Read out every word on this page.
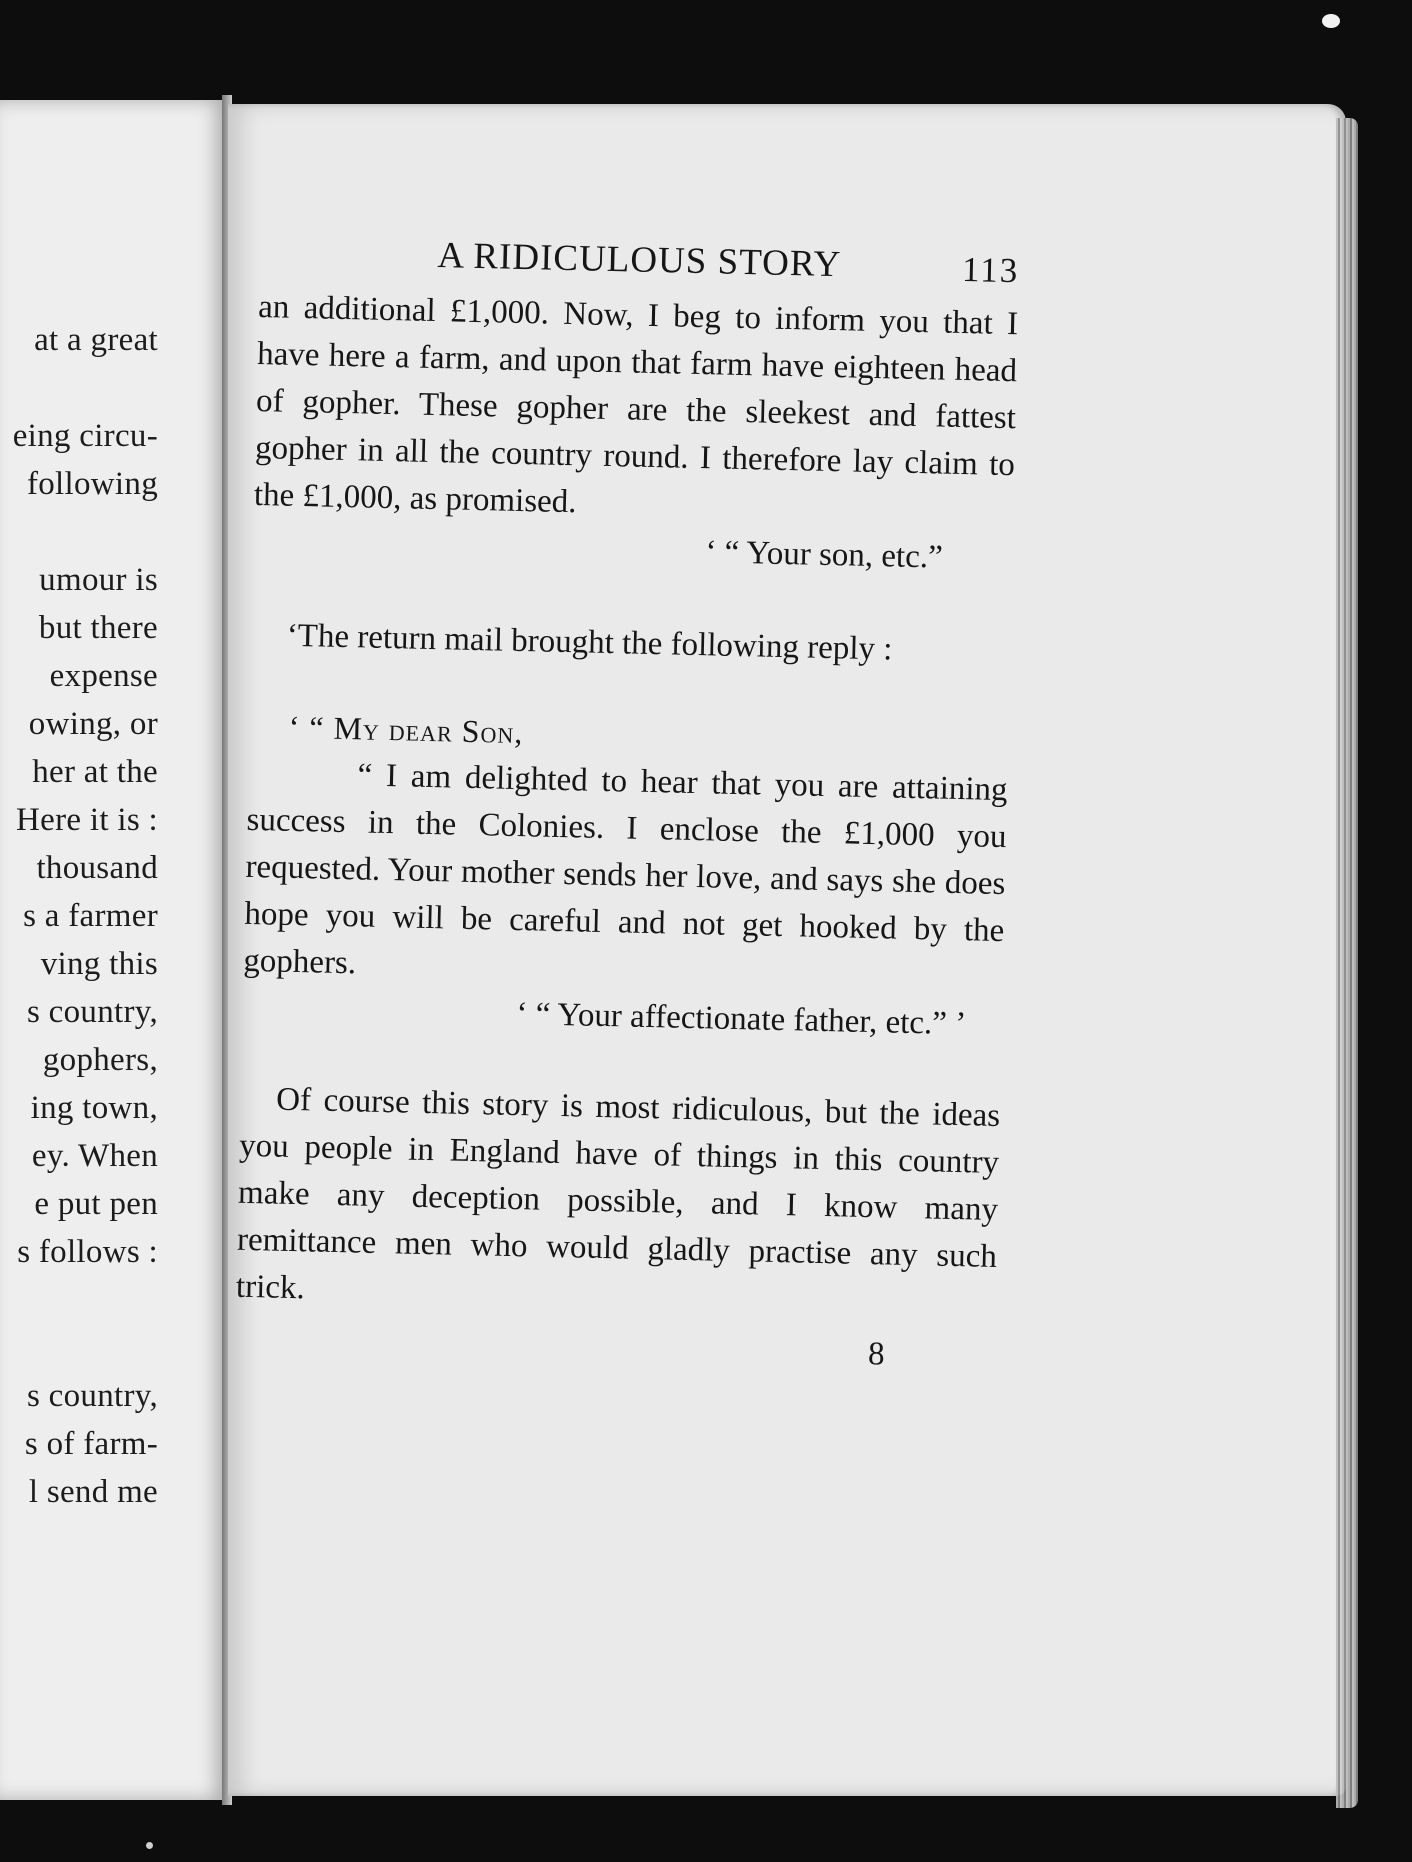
at a great
eing circu-
following
umour is
but there
expense
owing, or
her at the
Here it is :
thousand
s a farmer
ving this
s country,
gophers,
ing town,
ey. When
e put pen
s follows :
s country,
s of farm-
l send me
A RIDICULOUS STORY	113

an additional £1,000. Now, I beg to inform you that I have here a farm, and upon that farm have eighteen head of gopher. These gopher are the sleekest and fattest gopher in all the country round. I therefore lay claim to the £1,000, as promised.

‘ “ Your son, etc.”

‘The return mail brought the following reply :

‘ “ My dear Son,

“ I am delighted to hear that you are attaining success in the Colonies. I enclose the £1,000 you requested. Your mother sends her love, and says she does hope you will be careful and not get hooked by the gophers.

‘ “ Your affectionate father, etc.” ’

Of course this story is most ridiculous, but the ideas you people in England have of things in this country make any deception possible, and I know many remittance men who would gladly practise any such trick.

8
